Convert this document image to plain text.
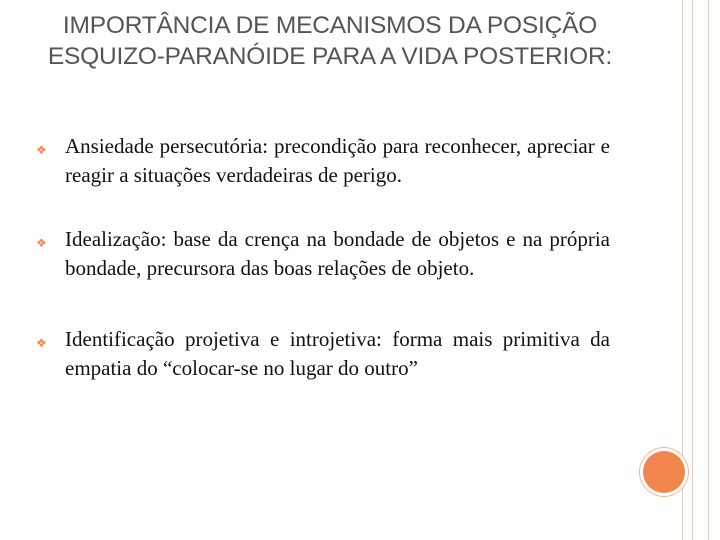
IMPORTÂNCIA DE MECANISMOS DA POSIÇÃO ESQUIZO-PARANÓIDE PARA A VIDA POSTERIOR:
❖ Ansiedade persecutória: precondição para reconhecer, apreciar e reagir a situações verdadeiras de perigo.
❖ Idealização: base da crença na bondade de objetos e na própria bondade, precursora das boas relações de objeto.
❖ Identificação projetiva e introjetiva: forma mais primitiva da empatia do “colocar-se no lugar do outro”
